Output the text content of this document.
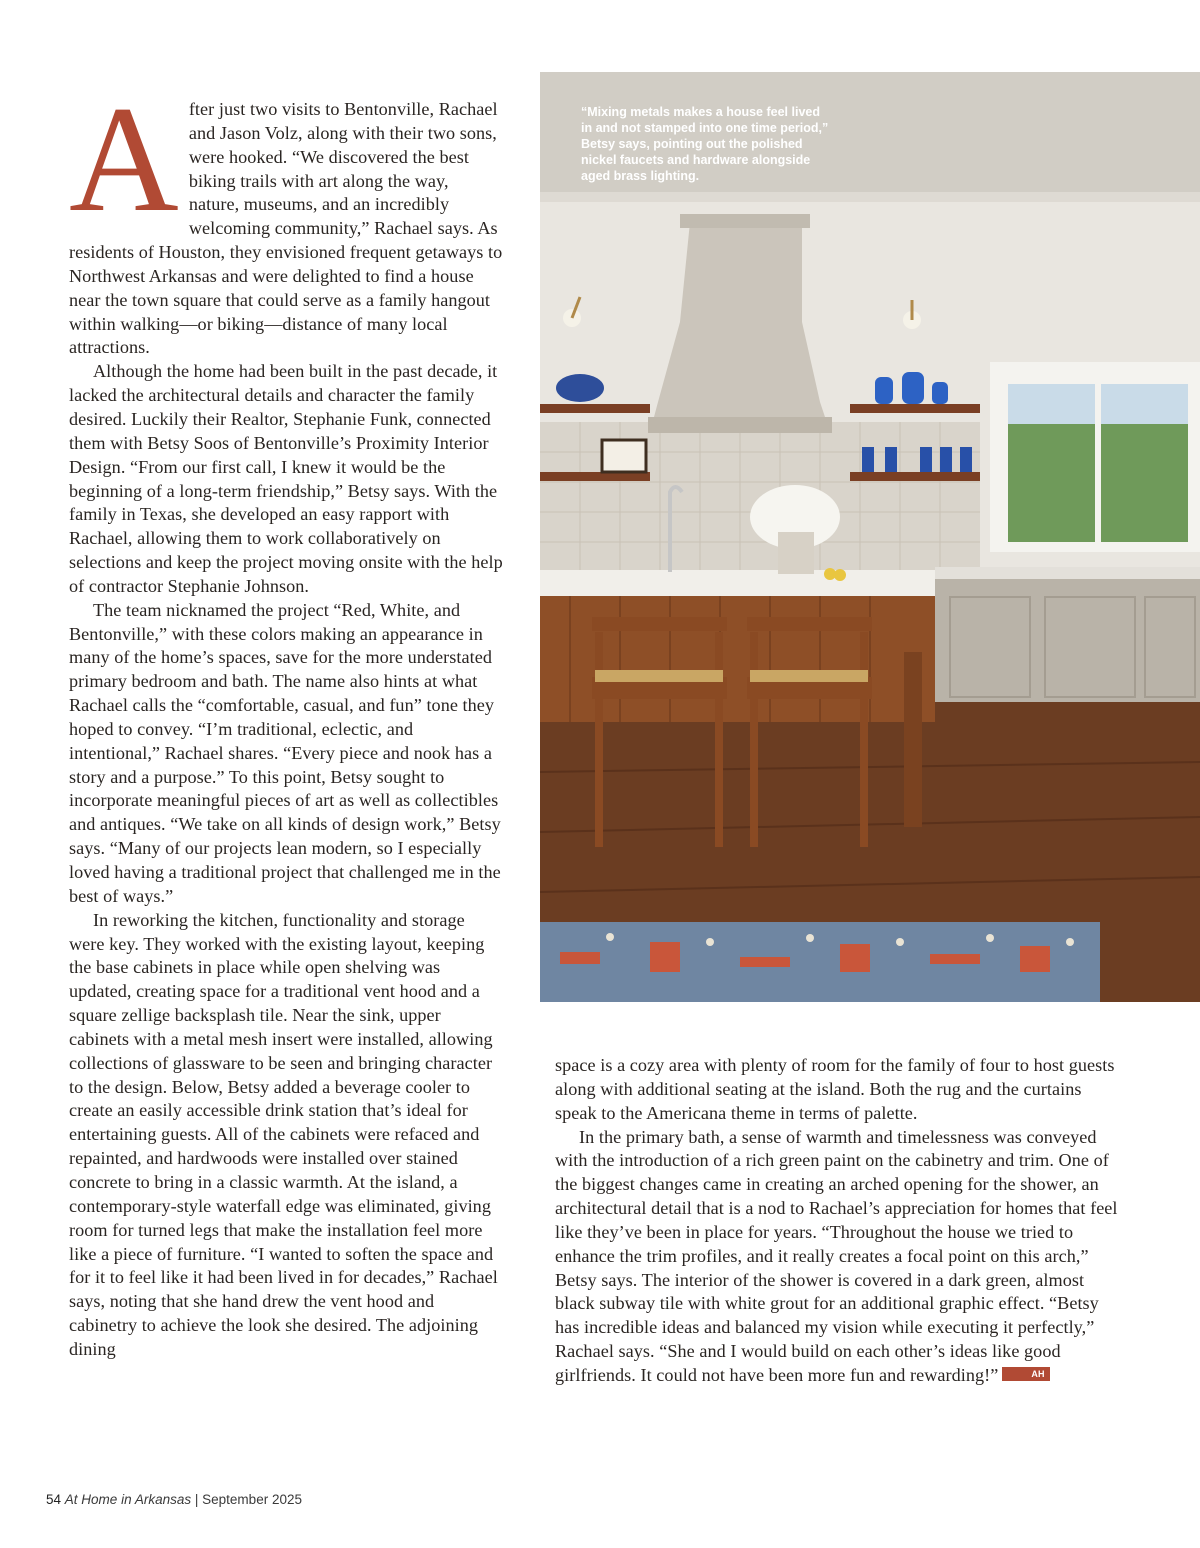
After just two visits to Bentonville, Rachael and Jason Volz, along with their two sons, were hooked. “We discovered the best biking trails with art along the way, nature, museums, and an incredibly welcoming community,” Rachael says. As residents of Houston, they envisioned frequent getaways to Northwest Arkansas and were delighted to find a house near the town square that could serve as a family hangout within walking—or biking—distance of many local attractions.

Although the home had been built in the past decade, it lacked the architectural details and character the family desired. Luckily their Realtor, Stephanie Funk, connected them with Betsy Soos of Bentonville’s Proximity Interior Design. “From our first call, I knew it would be the beginning of a long-term friendship,” Betsy says. With the family in Texas, she developed an easy rapport with Rachael, allowing them to work collaboratively on selections and keep the project moving onsite with the help of contractor Stephanie Johnson.

The team nicknamed the project “Red, White, and Bentonville,” with these colors making an appearance in many of the home’s spaces, save for the more understated primary bedroom and bath. The name also hints at what Rachael calls the “comfortable, casual, and fun” tone they hoped to convey. “I’m traditional, eclectic, and intentional,” Rachael shares. “Every piece and nook has a story and a purpose.” To this point, Betsy sought to incorporate meaningful pieces of art as well as collectibles and antiques. “We take on all kinds of design work,” Betsy says. “Many of our projects lean modern, so I especially loved having a traditional project that challenged me in the best of ways.”

In reworking the kitchen, functionality and storage were key. They worked with the existing layout, keeping the base cabinets in place while open shelving was updated, creating space for a traditional vent hood and a square zellige backsplash tile. Near the sink, upper cabinets with a metal mesh insert were installed, allowing collections of glassware to be seen and bringing character to the design. Below, Betsy added a beverage cooler to create an easily accessible drink station that’s ideal for entertaining guests. All of the cabinets were refaced and repainted, and hardwoods were installed over stained concrete to bring in a classic warmth. At the island, a contemporary-style waterfall edge was eliminated, giving room for turned legs that make the installation feel more like a piece of furniture. “I wanted to soften the space and for it to feel like it had been lived in for decades,” Rachael says, noting that she hand drew the vent hood and cabinetry to achieve the look she desired. The adjoining dining

“Mixing metals makes a house feel lived in and not stamped into one time period,” Betsy says, pointing out the polished nickel faucets and hardware alongside aged brass lighting.

space is a cozy area with plenty of room for the family of four to host guests along with additional seating at the island. Both the rug and the curtains speak to the Americana theme in terms of palette.

In the primary bath, a sense of warmth and timelessness was conveyed with the introduction of a rich green paint on the cabinetry and trim. One of the biggest changes came in creating an arched opening for the shower, an architectural detail that is a nod to Rachael’s appreciation for homes that feel like they’ve been in place for years. “Throughout the house we tried to enhance the trim profiles, and it really creates a focal point on this arch,” Betsy says. The interior of the shower is covered in a dark green, almost black subway tile with white grout for an additional graphic effect. “Betsy has incredible ideas and balanced my vision while executing it perfectly,” Rachael says. “She and I would build on each other’s ideas like good girlfriends. It could not have been more fun and rewarding!”	AH

54 At Home in Arkansas | September 2025
